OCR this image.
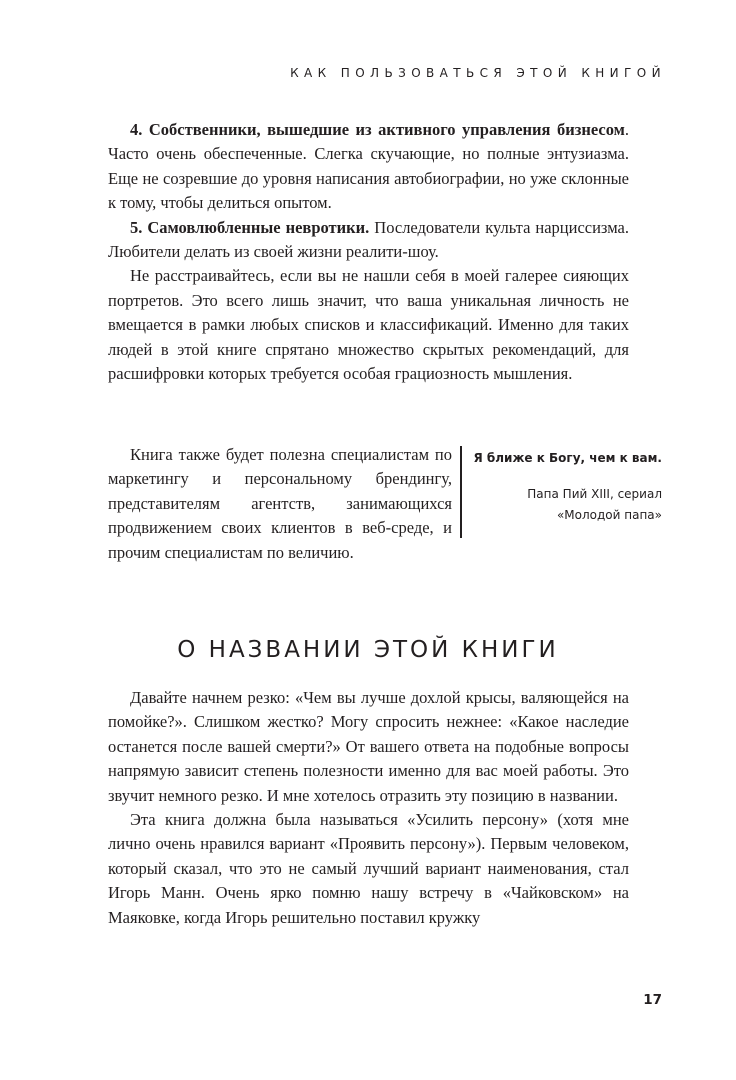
КАК ПОЛЬЗОВАТЬСЯ ЭТОЙ КНИГОЙ

4. Собственники, вышедшие из активного управления бизнесом. Часто очень обеспеченные. Слегка скучающие, но полные энтузиазма. Еще не созревшие до уровня написания автобиографии, но уже склонные к тому, чтобы делиться опытом.

5. Самовлюбленные невротики. Последователи культа нарциссизма. Любители делать из своей жизни реалити-шоу.

Не расстраивайтесь, если вы не нашли себя в моей галерее сияющих портретов. Это всего лишь значит, что ваша уникальная личность не вмещается в рамки любых списков и классификаций. Именно для таких людей в этой книге спрятано множество скрытых рекомендаций, для расшифровки которых требуется особая грациозность мышления.

Книга также будет полезна специалистам по маркетингу и персональному брендингу, представителям агентств, занимающихся продвижением своих клиентов в веб-среде, и прочим специалистам по величию.

Я ближе к Богу, чем к вам.

Папа Пий XIII, сериал

«Молодой папа»

О НАЗВАНИИ ЭТОЙ КНИГИ

Давайте начнем резко: «Чем вы лучше дохлой крысы, валяющейся на помойке?». Слишком жестко? Могу спросить нежнее: «Какое наследие останется после вашей смерти?» От вашего ответа на подобные вопросы напрямую зависит степень полезности именно для вас моей работы. Это звучит немного резко. И мне хотелось отразить эту позицию в названии.

Эта книга должна была называться «Усилить персону» (хотя мне лично очень нравился вариант «Проявить персону»). Первым человеком, который сказал, что это не самый лучший вариант наименования, стал Игорь Манн. Очень ярко помню нашу встречу в «Чайковском» на Маяковке, когда Игорь решительно поставил кружку

17
